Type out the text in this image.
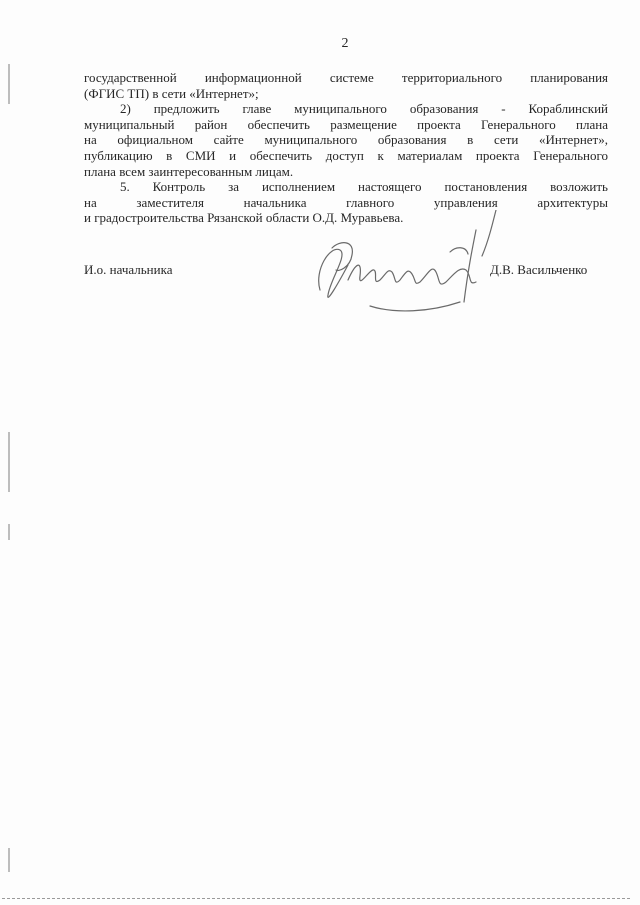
2

государственной информационной системе территориального планирования
(ФГИС ТП) в сети «Интернет»;

2) предложить главе муниципального образования - Кораблинский
муниципальный район обеспечить размещение проекта Генерального плана
на официальном сайте муниципального образования в сети «Интернет»,
публикацию в СМИ и обеспечить доступ к материалам проекта Генерального
плана всем заинтересованным лицам.

5. Контроль за исполнением настоящего постановления возложить
на заместителя начальника главного управления архитектуры
и градостроительства Рязанской области О.Д. Муравьева.

И.о. начальника	Д.В. Васильченко
